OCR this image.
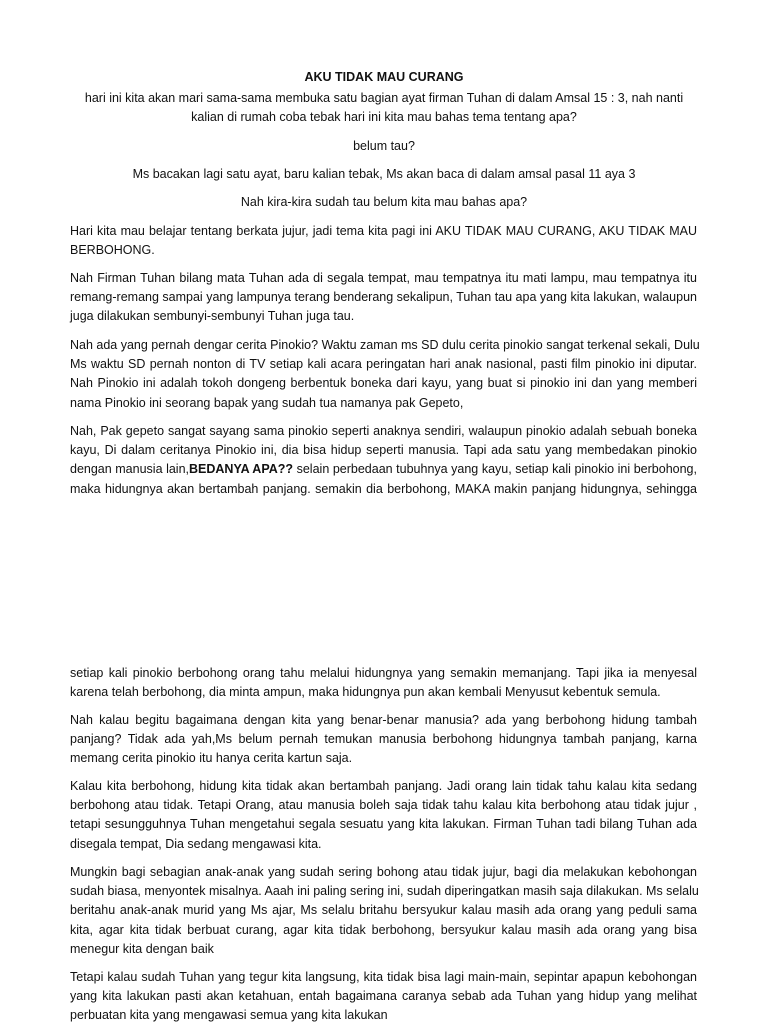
AKU TIDAK MAU CURANG
hari ini kita akan mari sama-sama membuka satu bagian ayat firman Tuhan di dalam Amsal 15 : 3, nah nanti
kalian di rumah coba tebak hari ini kita mau bahas tema tentang apa?
belum tau?
Ms bacakan lagi satu ayat, baru kalian tebak, Ms akan baca di dalam amsal pasal 11 aya 3
Nah kira-kira sudah tau belum kita mau bahas apa?
Hari kita mau belajar tentang berkata jujur, jadi tema kita pagi ini AKU TIDAK MAU CURANG, AKU TIDAK MAU
BERBOHONG.
Nah Firman Tuhan bilang mata Tuhan ada di segala tempat, mau tempatnya itu mati lampu, mau tempatnya itu
remang-remang sampai yang lampunya terang benderang sekalipun, Tuhan tau apa yang kita lakukan, walaupun
juga dilakukan sembunyi-sembunyi Tuhan juga tau.
Nah ada yang pernah dengar cerita Pinokio? Waktu zaman ms SD dulu cerita pinokio sangat terkenal sekali, Dulu
Ms waktu SD pernah nonton di TV setiap kali acara peringatan hari anak nasional, pasti film pinokio ini diputar.
Nah Pinokio ini adalah tokoh dongeng berbentuk boneka dari kayu, yang buat si pinokio ini dan yang memberi
nama Pinokio ini seorang bapak yang sudah tua namanya pak Gepeto,
Nah, Pak gepeto sangat sayang sama pinokio seperti anaknya sendiri, walaupun pinokio adalah sebuah boneka
kayu, Di dalam ceritanya Pinokio ini, dia bisa hidup seperti manusia. Tapi ada satu yang membedakan pinokio
dengan manusia lain,BEDANYA APA?? selain perbedaan tubuhnya yang kayu, setiap kali pinokio ini berbohong,
maka hidungnya akan bertambah panjang. semakin dia berbohong, MAKA makin panjang hidungnya, sehingga
setiap kali pinokio berbohong orang tahu melalui hidungnya yang semakin memanjang. Tapi jika ia menyesal
karena telah berbohong, dia minta ampun, maka hidungnya pun akan kembali Menyusut kebentuk semula.
Nah kalau begitu bagaimana dengan kita yang benar-benar manusia? ada yang berbohong hidung tambah
panjang? Tidak ada yah,Ms belum pernah temukan manusia berbohong hidungnya tambah panjang, karna
memang cerita pinokio itu hanya cerita kartun saja.
Kalau kita berbohong, hidung kita tidak akan bertambah panjang. Jadi orang lain tidak tahu kalau kita sedang
berbohong atau tidak. Tetapi Orang, atau manusia boleh saja tidak tahu kalau kita berbohong atau tidak jujur ,
tetapi sesungguhnya Tuhan mengetahui segala sesuatu yang kita lakukan. Firman Tuhan tadi bilang Tuhan ada
disegala tempat, Dia sedang mengawasi kita.
Mungkin bagi sebagian anak-anak yang sudah sering bohong atau tidak jujur, bagi dia melakukan kebohongan
sudah biasa, menyontek misalnya. Aaah ini paling sering ini, sudah diperingatkan masih saja dilakukan. Ms selalu
beritahu anak-anak murid yang Ms ajar, Ms selalu britahu bersyukur kalau masih ada orang yang peduli sama
kita, agar kita tidak berbuat curang, agar kita tidak berbohong, bersyukur kalau masih ada orang yang bisa
menegur kita dengan baik
Tetapi kalau sudah Tuhan yang tegur kita langsung, kita tidak bisa lagi main-main, sepintar apapun kebohongan
yang kita lakukan pasti akan ketahuan, entah bagaimana caranya sebab ada Tuhan yang hidup yang melihat
perbuatan kita yang mengawasi semua yang kita lakukan
